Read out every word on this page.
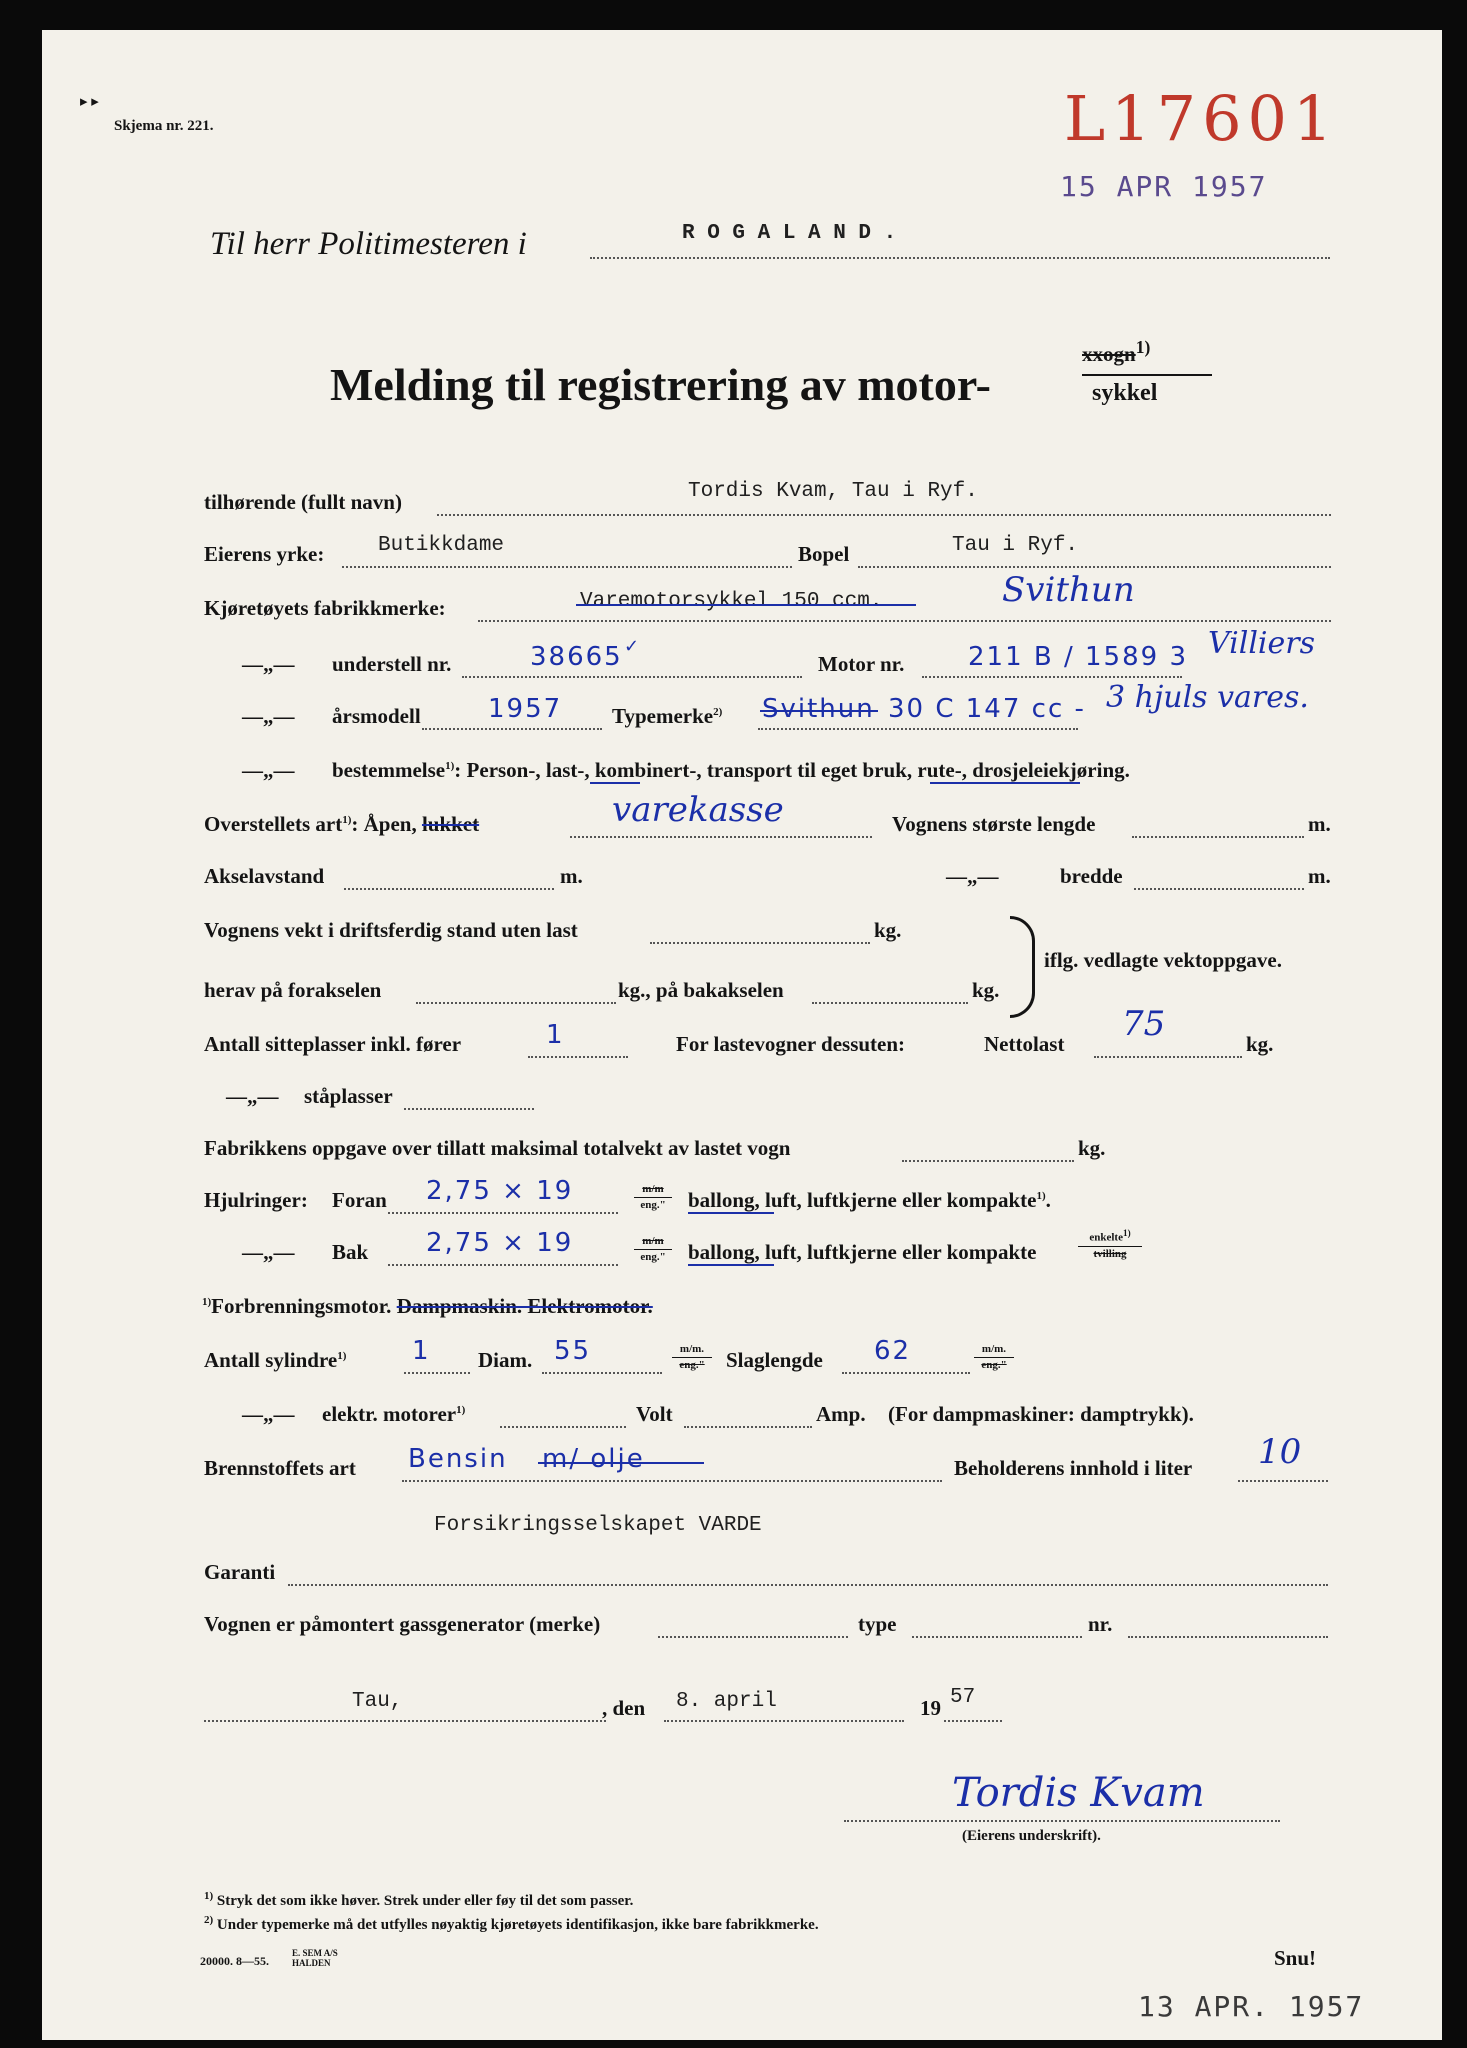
▸ ▸
Skjema nr. 221.	L17601
15 APR 1957
Til herr Politimesteren i	R O G A L A N D .
Melding til registrering av motor-
xxogn$^{1)}$
sykkel
tilhørende (fullt navn)	Tordis Kvam, Tau i Ryf.
Eierens yrke:	Butikkdame	Bopel	Tau i Ryf.
Kjøretøyets fabrikkmerke:	Varemotorsykkel 150 ccm.	Svithun
—„— understell nr.	38665 ✓
Motor nr. 211 B / 1589 3 Villiers
—„— årsmodell	1957 Typemerke$^{2)}$ Svithun 30 C 147 cc - 3 hjuls vares.
—„— bestemmelse$^{1)}$: Person-, last-, kombinert-, transport til eget bruk, rute-, drosjeleiekjøring.
Overstellets art$^{1)}$: Åpen, lukket	varekasse	Vognens største lengde	m.
Akselavstand	m.	—„—	bredde	m.
Vognens vekt i driftsferdig stand uten last	kg.
herav på forakselen	kg., på bakakselen	kg.
iflg. vedlagte vektoppgave.
Antall sitteplasser inkl. fører	1	For lastevogner dessuten:	Nettolast 75	kg.
—„— ståplasser
Fabrikkens oppgave over tillatt maksimal totalvekt av lastet vogn	kg.
Hjulringer: Foran 2,75 × 19	m/m
eng."	ballong, luft, luftkjerne eller kompakte$^{1)}$.
—„— Bak 2,75 × 19	m/m
eng."	ballong, luft, luftkjerne eller kompakte
enkelte$^{1)}$
tvilling
$^{1)}$Forbrenningsmotor. Dampmaskin. Elektromotor.
Antall sylindre$^{1)}$	1 Diam. 55	m/m.
eng."	Slaglengde 62	m/m.
eng."
—„— elektr. motorer$^{1)}$	Volt	Amp. (For dampmaskiner: damptrykk).
Brennstoffets art Bensin m/ olje	Beholderens innhold i liter 10
Forsikringsselskapet VARDE
Garanti
Vognen er påmontert gassgenerator (merke)	type	nr.
Tau,	, den 8. april	19 57
Tordis Kvam
(Eierens underskrift).
$^{1)}$ Stryk det som ikke høver. Strek under eller føy til det som passer.
$^{2)}$ Under typemerke må det utfylles nøyaktig kjøretøyets identifikasjon, ikke bare fabrikkmerke.
20000. 8—55.
E. SEM A/S
HALDEN	Snu!
13 APR. 1957
